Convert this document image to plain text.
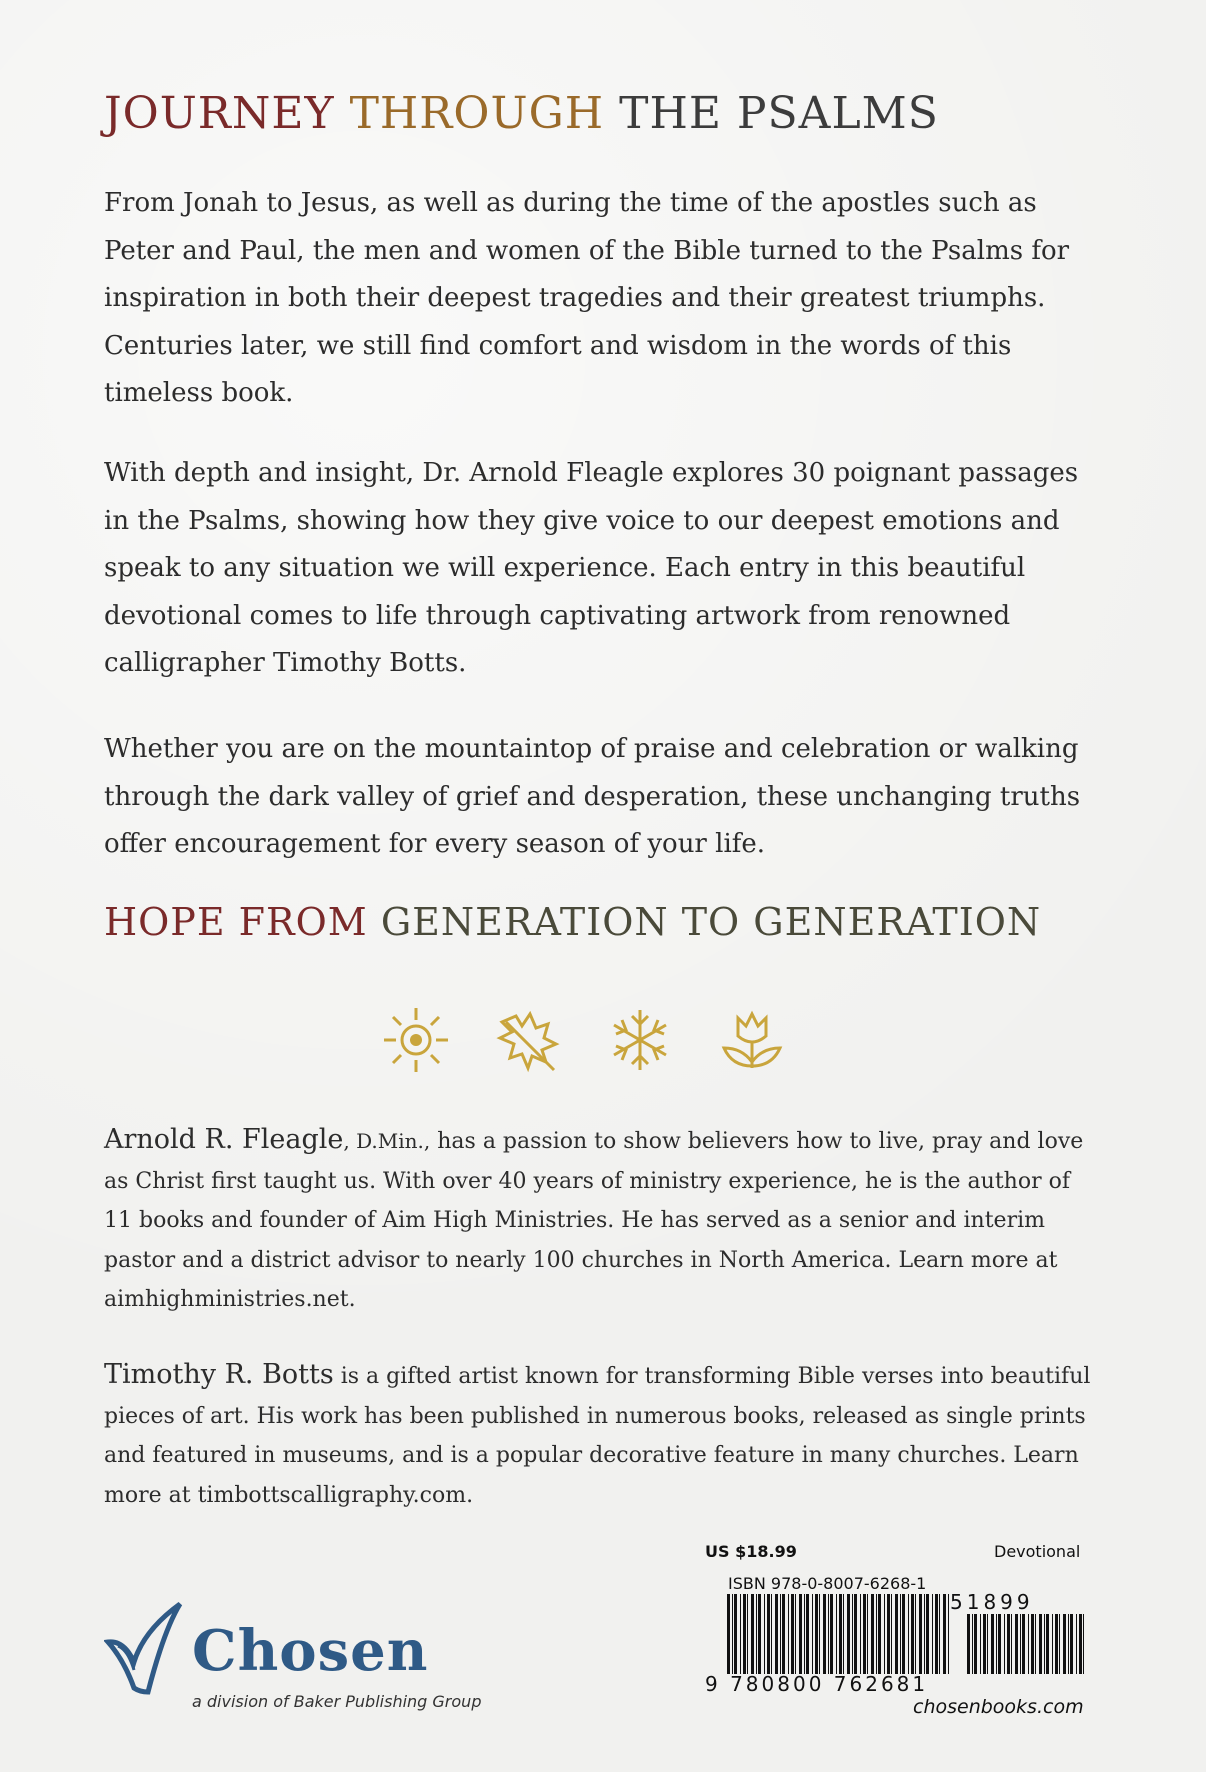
JOURNEY THROUGH THE PSALMS

From Jonah to Jesus, as well as during the time of the apostles such as Peter and Paul, the men and women of the Bible turned to the Psalms for inspiration in both their deepest tragedies and their greatest triumphs. Centuries later, we still find comfort and wisdom in the words of this timeless book.

With depth and insight, Dr. Arnold Fleagle explores 30 poignant passages in the Psalms, showing how they give voice to our deepest emotions and speak to any situation we will experience. Each entry in this beautiful devotional comes to life through captivating artwork from renowned calligrapher Timothy Botts.

Whether you are on the mountaintop of praise and celebration or walking through the dark valley of grief and desperation, these unchanging truths offer encouragement for every season of your life.

HOPE FROM GENERATION TO GENERATION

Arnold R. Fleagle, D.Min., has a passion to show believers how to live, pray and love as Christ first taught us. With over 40 years of ministry experience, he is the author of 11 books and founder of Aim High Ministries. He has served as a senior and interim pastor and a district advisor to nearly 100 churches in North America. Learn more at aimhighministries.net.

Timothy R. Botts is a gifted artist known for transforming Bible verses into beautiful pieces of art. His work has been published in numerous books, released as single prints and featured in museums, and is a popular decorative feature in many churches. Learn more at timbottscalligraphy.com.

Chosen
a division of Baker Publishing Group
US $18.99	Devotional
ISBN 978-0-8007-6268-1
51899
9 780800 762681
chosenbooks.com
